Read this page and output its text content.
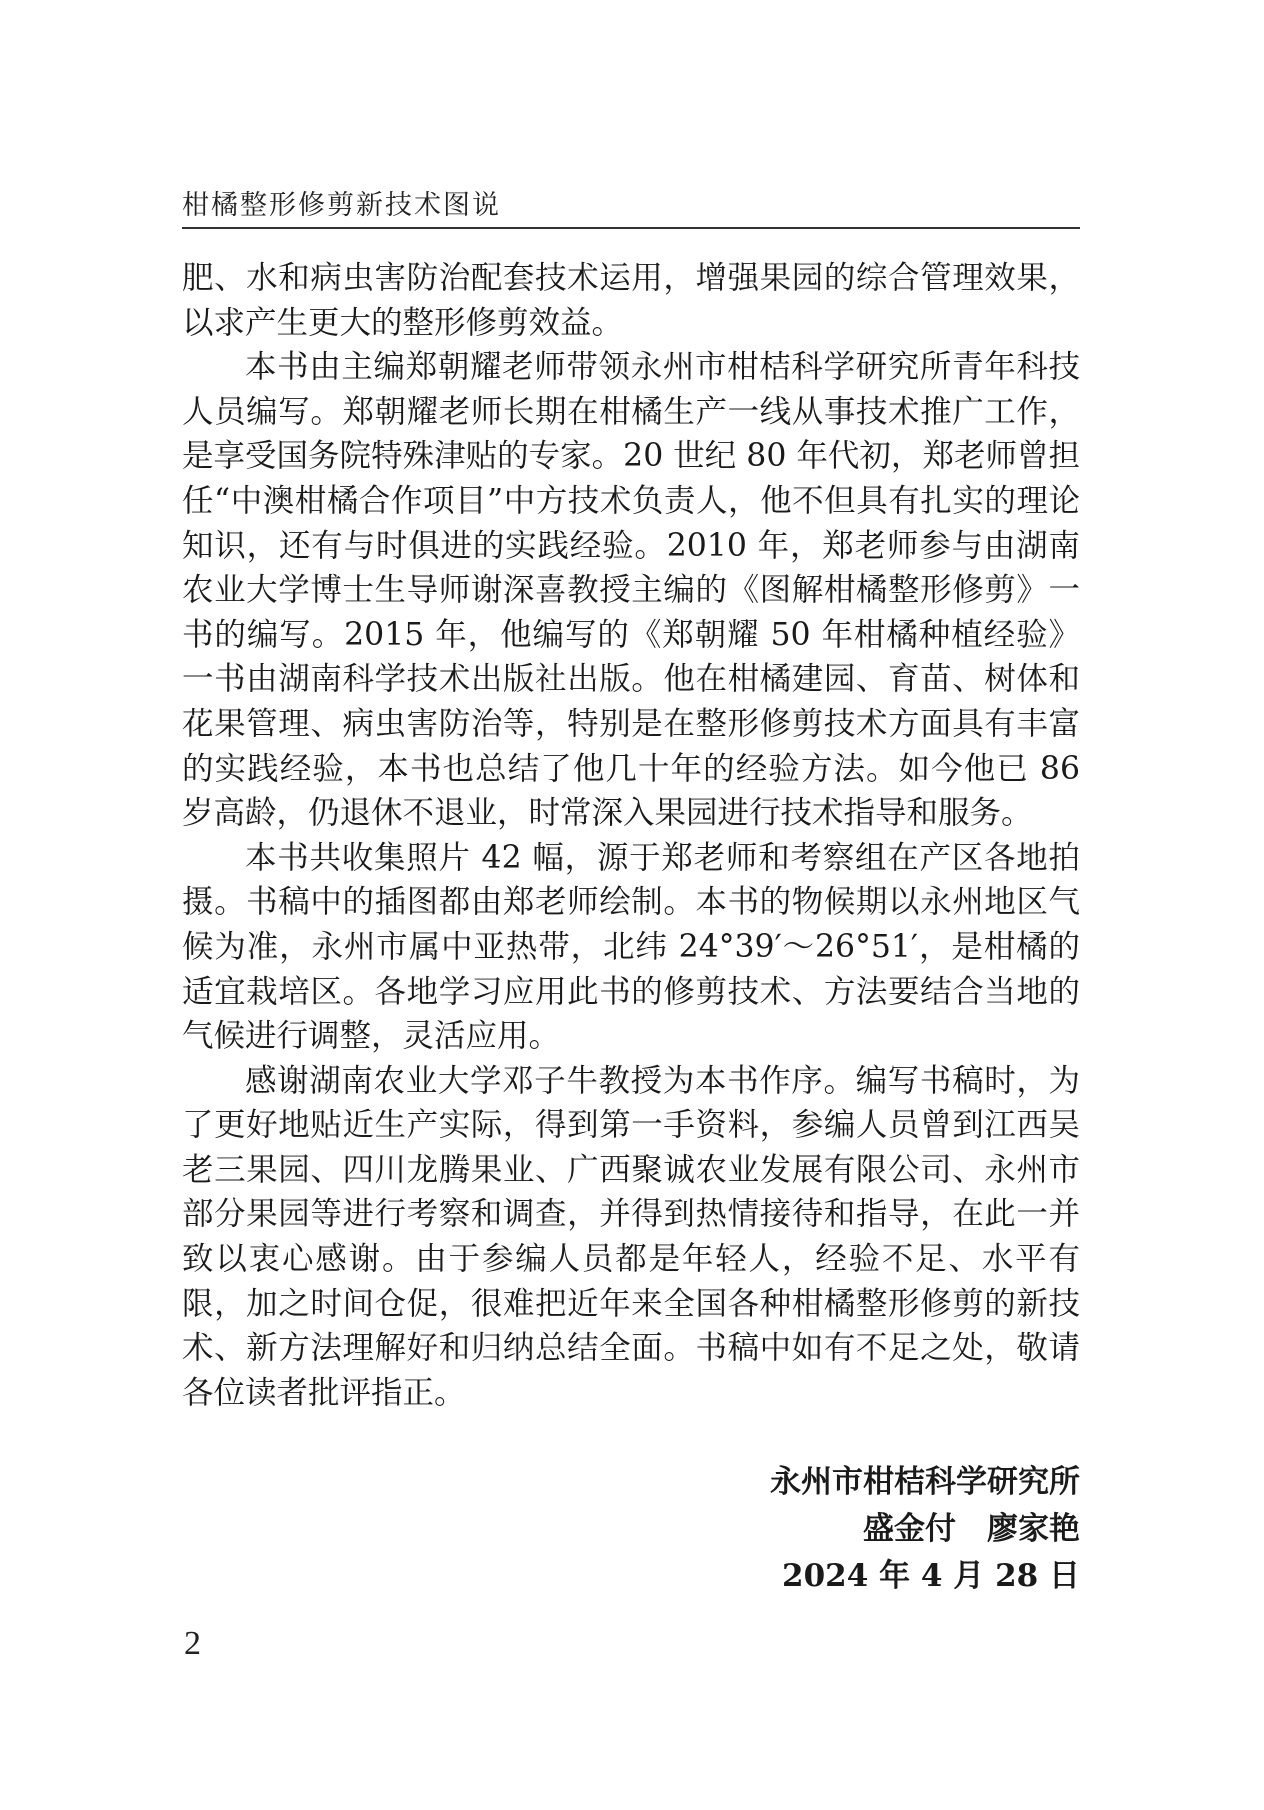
柑橘整形修剪新技术图说

肥、水和病虫害防治配套技术运用，增强果园的综合管理效果，以求产生更大的整形修剪效益。

本书由主编郑朝耀老师带领永州市柑桔科学研究所青年科技人员编写。郑朝耀老师长期在柑橘生产一线从事技术推广工作，是享受国务院特殊津贴的专家。20 世纪 80 年代初，郑老师曾担任“中澳柑橘合作项目”中方技术负责人，他不但具有扎实的理论知识，还有与时俱进的实践经验。2010 年，郑老师参与由湖南农业大学博士生导师谢深喜教授主编的《图解柑橘整形修剪》一书的编写。2015 年，他编写的《郑朝耀 50 年柑橘种植经验》一书由湖南科学技术出版社出版。他在柑橘建园、育苗、树体和花果管理、病虫害防治等，特别是在整形修剪技术方面具有丰富的实践经验，本书也总结了他几十年的经验方法。如今他已 86 岁高龄，仍退休不退业，时常深入果园进行技术指导和服务。

本书共收集照片 42 幅，源于郑老师和考察组在产区各地拍摄。书稿中的插图都由郑老师绘制。本书的物候期以永州地区气候为准，永州市属中亚热带，北纬 24°39′～26°51′，是柑橘的适宜栽培区。各地学习应用此书的修剪技术、方法要结合当地的气候进行调整，灵活应用。

感谢湖南农业大学邓子牛教授为本书作序。编写书稿时，为了更好地贴近生产实际，得到第一手资料，参编人员曾到江西吴老三果园、四川龙腾果业、广西聚诚农业发展有限公司、永州市部分果园等进行考察和调查，并得到热情接待和指导，在此一并致以衷心感谢。由于参编人员都是年轻人，经验不足、水平有限，加之时间仓促，很难把近年来全国各种柑橘整形修剪的新技术、新方法理解好和归纳总结全面。书稿中如有不足之处，敬请各位读者批评指正。

永州市柑桔科学研究所
盛金付　廖家艳
2024 年 4 月 28 日
2
